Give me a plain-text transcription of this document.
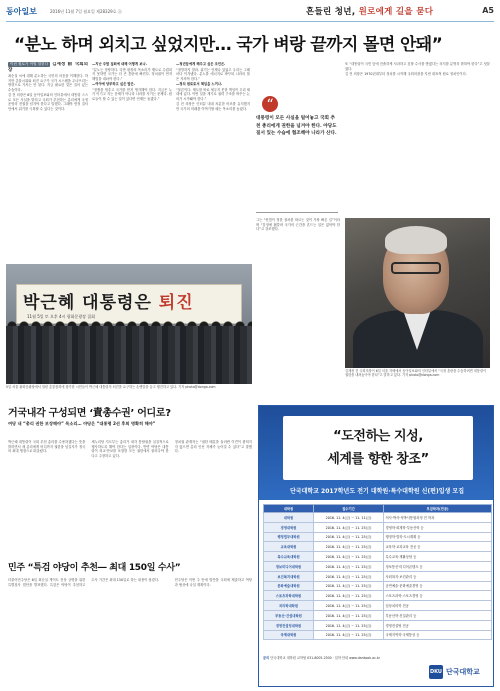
동아일보	2016년 11월 7일 월요일 제28329호 ⓐ	흔들린 청년, 원로에게 길을 묻다	A5
“분노 하며 외치고 싶었지만… 국가 벼랑 끝까지 몰면 안돼”

이런 원로가 이럴 말한다 김재정 前 국회의장

최순실 씨에 대해 분노하는 국민의 마음을 이해한다. 하지만 촛불시위와 퇴진 요구가 국가 시스템을 무너뜨리는 방향으로 가서는 안 된다. 지금 필요한 것은 질서 있는 수습이다.

김 전 의장은 6일 동아일보와의 인터뷰에서 대통령 스스로 모든 사실을 밝히고 국회가 추천하는 총리에게 국정 운영의 전권을 넘겨야 한다고 말했다. 그래야 헌정 질서 안에서 위기를 극복할 수 있다는 것이다.

—지난 주말 집회에 대해 어떻게 보나.

“분노는 정당하다. 다만 광장의 목소리가 제도로 수렴되지 못하면 국가는 더 큰 혼란에 빠진다. 정치권이 먼저 해법을 내놔야 한다.”

—여야에 당부하고 싶은 말은.

“정쟁을 멈추고 국가를 먼저 생각해야 한다. 지금은 누가 이기고 지는 문제가 아니라 나라를 지키는 문제다. 원로들이 할 수 있는 일이 있다면 언제든 돕겠다.”

—청년들에게 해주고 싶은 조언은.

“절망하지 말라. 위기는 언제나 있었고 우리는 그때마다 이겨냈다. 분노를 에너지로 바꾸되 나라의 틀은 지켜야 한다.”

—정치 원로로서 책임을 느끼나.

“물론이다. 제도를 바로 세우지 못한 책임이 우리 세대에 있다. 이번 일을 계기로 권력 구조를 바꾸는 논의가 시작돼야 한다.”

김 전 의장은 인터뷰 내내 차분한 어조를 유지했지만 국가의 미래를 이야기할 때는 목소리를 높였다.	“
대통령이 모든 사실을 털어놓고 국회 추천 총리에게 권한을 넘겨야 한다. 야당도 질서 있는 수습에 협조해야 나라가 산다.

그는 “헌법이 정한 절차를 따르는 것이 가장 빠른 길”이라며 “감정에 휩쓸려 국가의 근간을 흔드는 일은 없어야 한다”고 강조했다.

또 “대통령이 국민 앞에 진솔하게 사과하고 검찰 수사를 받겠다는 의지를 분명히 밝혀야 한다”고 덧붙였다.

김 전 의장은 1970년대부터 정치를 시작해 국회의장을 지낸 대표적 원로 정치인이다.

김재정 전 국회의장이 6일 서울 자택에서 동아일보와의 인터뷰에서 “국정 혼란을 수습하려면 대통령이 권한을 내려놓아야 한다”고 말하고 있다. 기자 photo@donga.com
박근혜 대통령은 퇴진
11월 5일 토 오후 4시 광화문광장 집회
5일 서울 광화문광장에서 열린 촛불집회에 참가한 시민들이 박근혜 대통령의 퇴진을 요구하는 손팻말을 들고 행진하고 있다. 기자 photo@donga.com
거국내각 구성되면 ‘責총수권’ 어디로?

여당 내 “총리 권한 보장해야” 목소리… 야당은 “대통령 2선 후퇴 명확히 해야”

박근혜 대통령이 국회 추천 총리를 수용하겠다는 뜻을 밝히면서 새 총리에게 어디까지 권한을 넘길지가 정국의 최대 쟁점으로 떠올랐다.

새누리당 지도부는 총리가 내각 통할권을 실질적으로 행사하도록 해야 한다는 입장이다. 반면 야당은 대통령이 외교·안보를 포함한 모든 권한에서 물러나야 한다고 주장하고 있다.

정치권 관계자는 “권한 배분을 둘러싼 이견이 좁혀지지 않으면 총리 인선 자체가 늦어질 수 있다”고 말했다.

민주 “특검 야당이 추천― 최대 150일 수사”

더불어민주당은 6일 최순실 게이트 진상 규명을 위한 특별검사 법안을 발표했다. 특검은 야당이 추천하고 수사 기간은 최대 150일로 하는 내용이 담겼다.	민주당은 이번 주 안에 법안을 국회에 제출하고 여당과 협상에 나설 계획이다.

“도전하는 지성,
세계를 향한 창조”
단국대학교 2017학년도 전기 대학원·특수대학원 신(편)입생 모집
대학원	접수기간	모집학과(전공)
대학원	2016. 11. 4(금) ~ 11. 11(금)	석사·박사·석박사통합과정 전 학과
경영대학원	2016. 11. 4(금) ~ 11. 25(금)	경영학·회계학·부동산학 등
행정법무대학원	2016. 11. 4(금) ~ 11. 25(금)	행정학·법학·도시계획 등
교육대학원	2016. 11. 4(금) ~ 11. 25(금)	교육학·교과교육 전공 등
특수교육대학원	2016. 11. 4(금) ~ 11. 25(금)	특수교육·재활상담 등
정보미디어대학원	2016. 11. 4(금) ~ 11. 25(금)	정보통신·미디어콘텐츠 등
보건복지대학원	2016. 11. 4(금) ~ 11. 25(금)	사회복지·보건관리 등
문화예술대학원	2016. 11. 4(금) ~ 11. 25(금)	공연예술·문화예술경영 등
스포츠과학대학원	2016. 11. 4(금) ~ 11. 25(금)	스포츠과학·스포츠경영 등
치의학대학원	2016. 11. 4(금) ~ 11. 25(금)	임상치의학 전공
부동산·건설대학원	2016. 11. 4(금) ~ 11. 25(금)	부동산학·건설관리 등
경영컨설팅대학원	2016. 11. 4(금) ~ 11. 25(금)	경영컨설팅 전공
국제대학원	2016. 11. 4(금) ~ 11. 25(금)	국제지역학·국제통상 등
문의 단국대학교 대학원 교학팀 031-8005-2500 · 입학 안내 www.dankook.ac.kr
DKU 단국대학교
